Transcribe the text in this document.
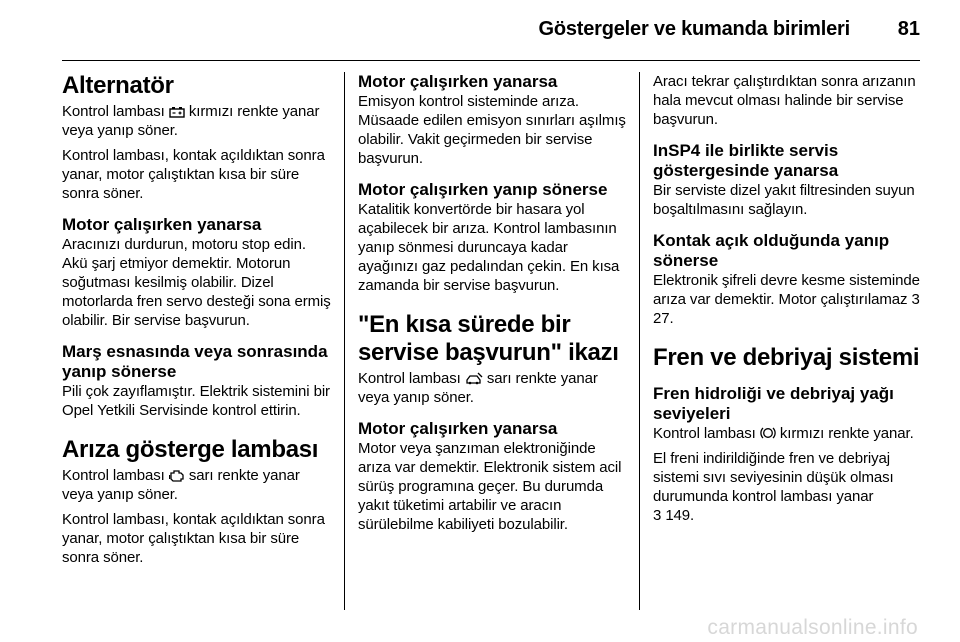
Göstergeler ve kumanda birimleri 81
Alternatör

Kontrol lambası  kırmızı renkte yanar veya yanıp söner.

Kontrol lambası, kontak açıldıktan sonra yanar, motor çalıştıktan kısa bir süre sonra söner.

Motor çalışırken yanarsa

Aracınızı durdurun, motoru stop edin. Akü şarj etmiyor demektir. Motorun soğutması kesilmiş olabilir. Dizel motorlarda fren servo desteği sona ermiş olabilir. Bir servise başvurun.

Marş esnasında veya sonrasında yanıp sönerse

Pili çok zayıflamıştır. Elektrik sistemini bir Opel Yetkili Servisinde kontrol ettirin.

Arıza gösterge lambası

Kontrol lambası  sarı renkte yanar veya yanıp söner.

Kontrol lambası, kontak açıldıktan sonra yanar, motor çalıştıktan kısa bir süre sonra söner.

Motor çalışırken yanarsa

Emisyon kontrol sisteminde arıza. Müsaade edilen emisyon sınırları aşılmış olabilir. Vakit geçirmeden bir servise başvurun.

Motor çalışırken yanıp sönerse

Katalitik konvertörde bir hasara yol açabilecek bir arıza. Kontrol lambasının yanıp sönmesi duruncaya kadar ayağınızı gaz pedalından çekin. En kısa zamanda bir servise başvurun.

"En kısa sürede bir servise başvurun" ikazı

Kontrol lambası  sarı renkte yanar veya yanıp söner.

Motor çalışırken yanarsa

Motor veya şanzıman elektroniğinde arıza var demektir. Elektronik sistem acil sürüş programına geçer. Bu durumda yakıt tüketimi artabilir ve aracın sürülebilme kabiliyeti bozulabilir.

Aracı tekrar çalıştırdıktan sonra arızanın hala mevcut olması halinde bir servise başvurun.

InSP4 ile birlikte servis göstergesinde yanarsa

Bir serviste dizel yakıt filtresinden suyun boşaltılmasını sağlayın.

Kontak açık olduğunda yanıp sönerse

Elektronik şifreli devre kesme sisteminde arıza var demektir. Motor çalıştırılamaz 3 27.

Fren ve debriyaj sistemi
Fren hidroliği ve debriyaj yağı seviyeleri

Kontrol lambası  kırmızı renkte yanar.

El freni indirildiğinde fren ve debriyaj sistemi sıvı seviyesinin düşük olması durumunda kontrol lambası yanar
3 149.

carmanualsonline.info
